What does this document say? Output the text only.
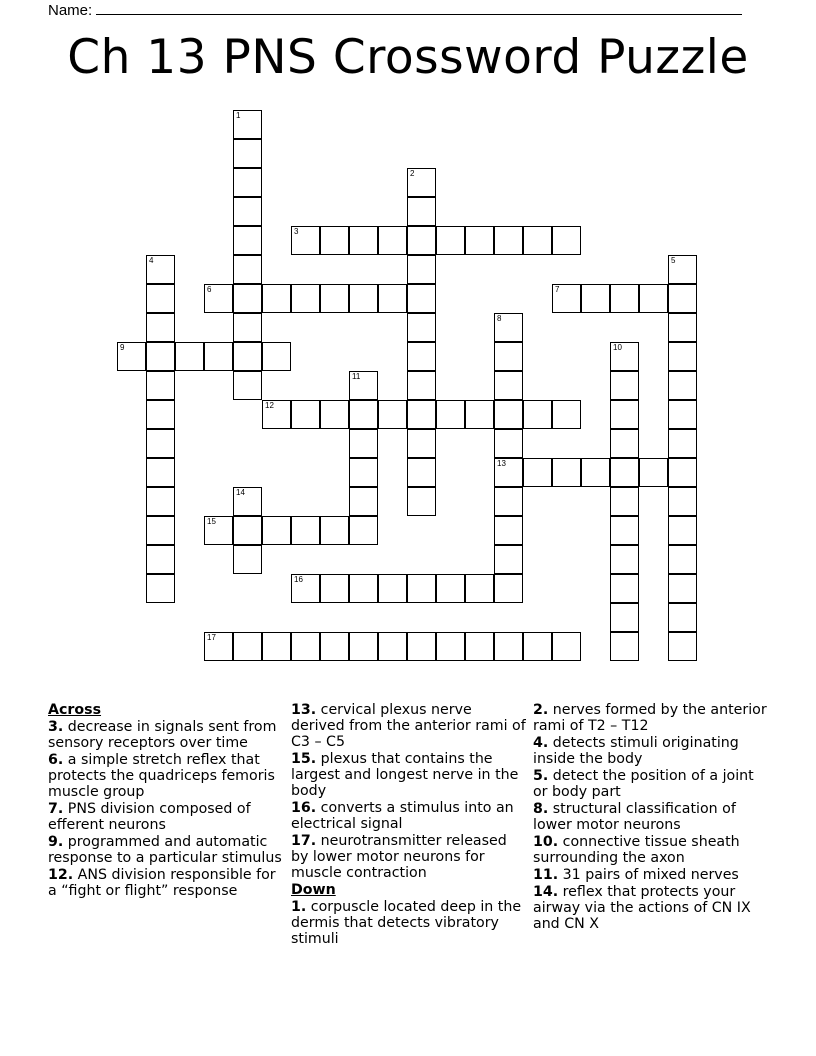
Name:
Ch 13 PNS Crossword Puzzle
1
2
3
4	5
6	7
8
13
9	10
11
12
14
15
16
17
Across
3. decrease in signals sent from sensory receptors over time
6. a simple stretch reflex that protects the quadriceps femoris muscle group
7. PNS division composed of efferent neurons
9. programmed and automatic response to a particular stimulus
12. ANS division responsible for a “fight or flight” response
13. cervical plexus nerve derived from the anterior rami of C3 – C5
15. plexus that contains the largest and longest nerve in the body
16. converts a stimulus into an electrical signal
17. neurotransmitter released by lower motor neurons for muscle contraction
Down
1. corpuscle located deep in the dermis that detects vibratory stimuli
2. nerves formed by the anterior rami of T2 – T12
4. detects stimuli originating inside the body
5. detect the position of a joint or body part
8. structural classification of lower motor neurons
10. connective tissue sheath surrounding the axon
11. 31 pairs of mixed nerves
14. reflex that protects your airway via the actions of CN IX and CN X
